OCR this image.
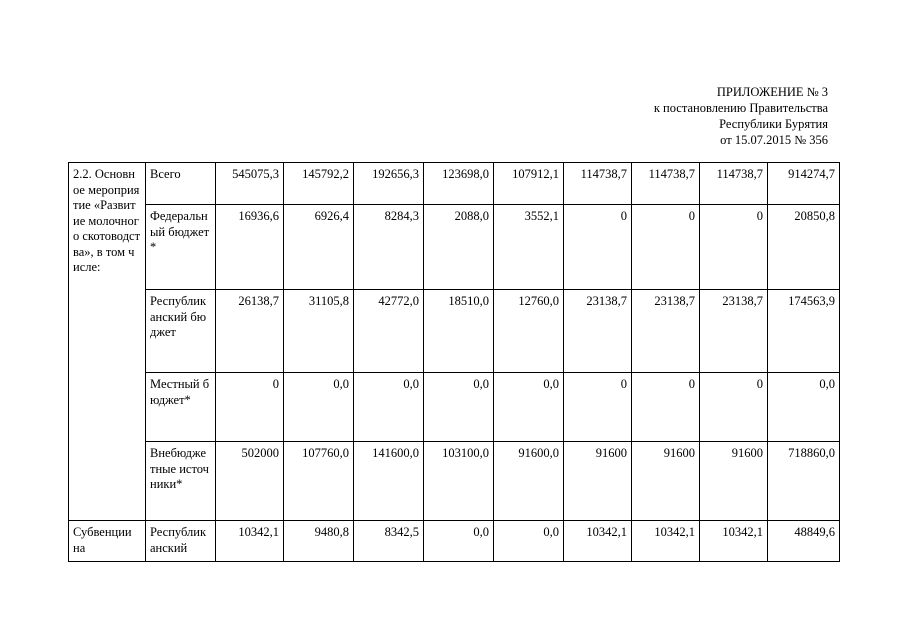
ПРИЛОЖЕНИЕ № 3
к постановлению Правительства
Республики Бурятия
от 15.07.2015 № 356
2.2. Основное мероприятие «Развитие молочного скотоводства», в том числе:	Всего	545075,3	145792,2	192656,3	123698,0	107912,1	114738,7	114738,7	114738,7	914274,7
	Федеральный бюджет *	16936,6	6926,4	8284,3	2088,0	3552,1	0	0	0	20850,8
	Республиканский бюджет	26138,7	31105,8	42772,0	18510,0	12760,0	23138,7	23138,7	23138,7	174563,9
	Местный бюджет*	0	0,0	0,0	0,0	0,0	0	0	0	0,0
	Внебюджетные источники*	502000	107760,0	141600,0	103100,0	91600,0	91600	91600	91600	718860,0
Субвенции на	Республиканский	10342,1	9480,8	8342,5	0,0	0,0	10342,1	10342,1	10342,1	48849,6
